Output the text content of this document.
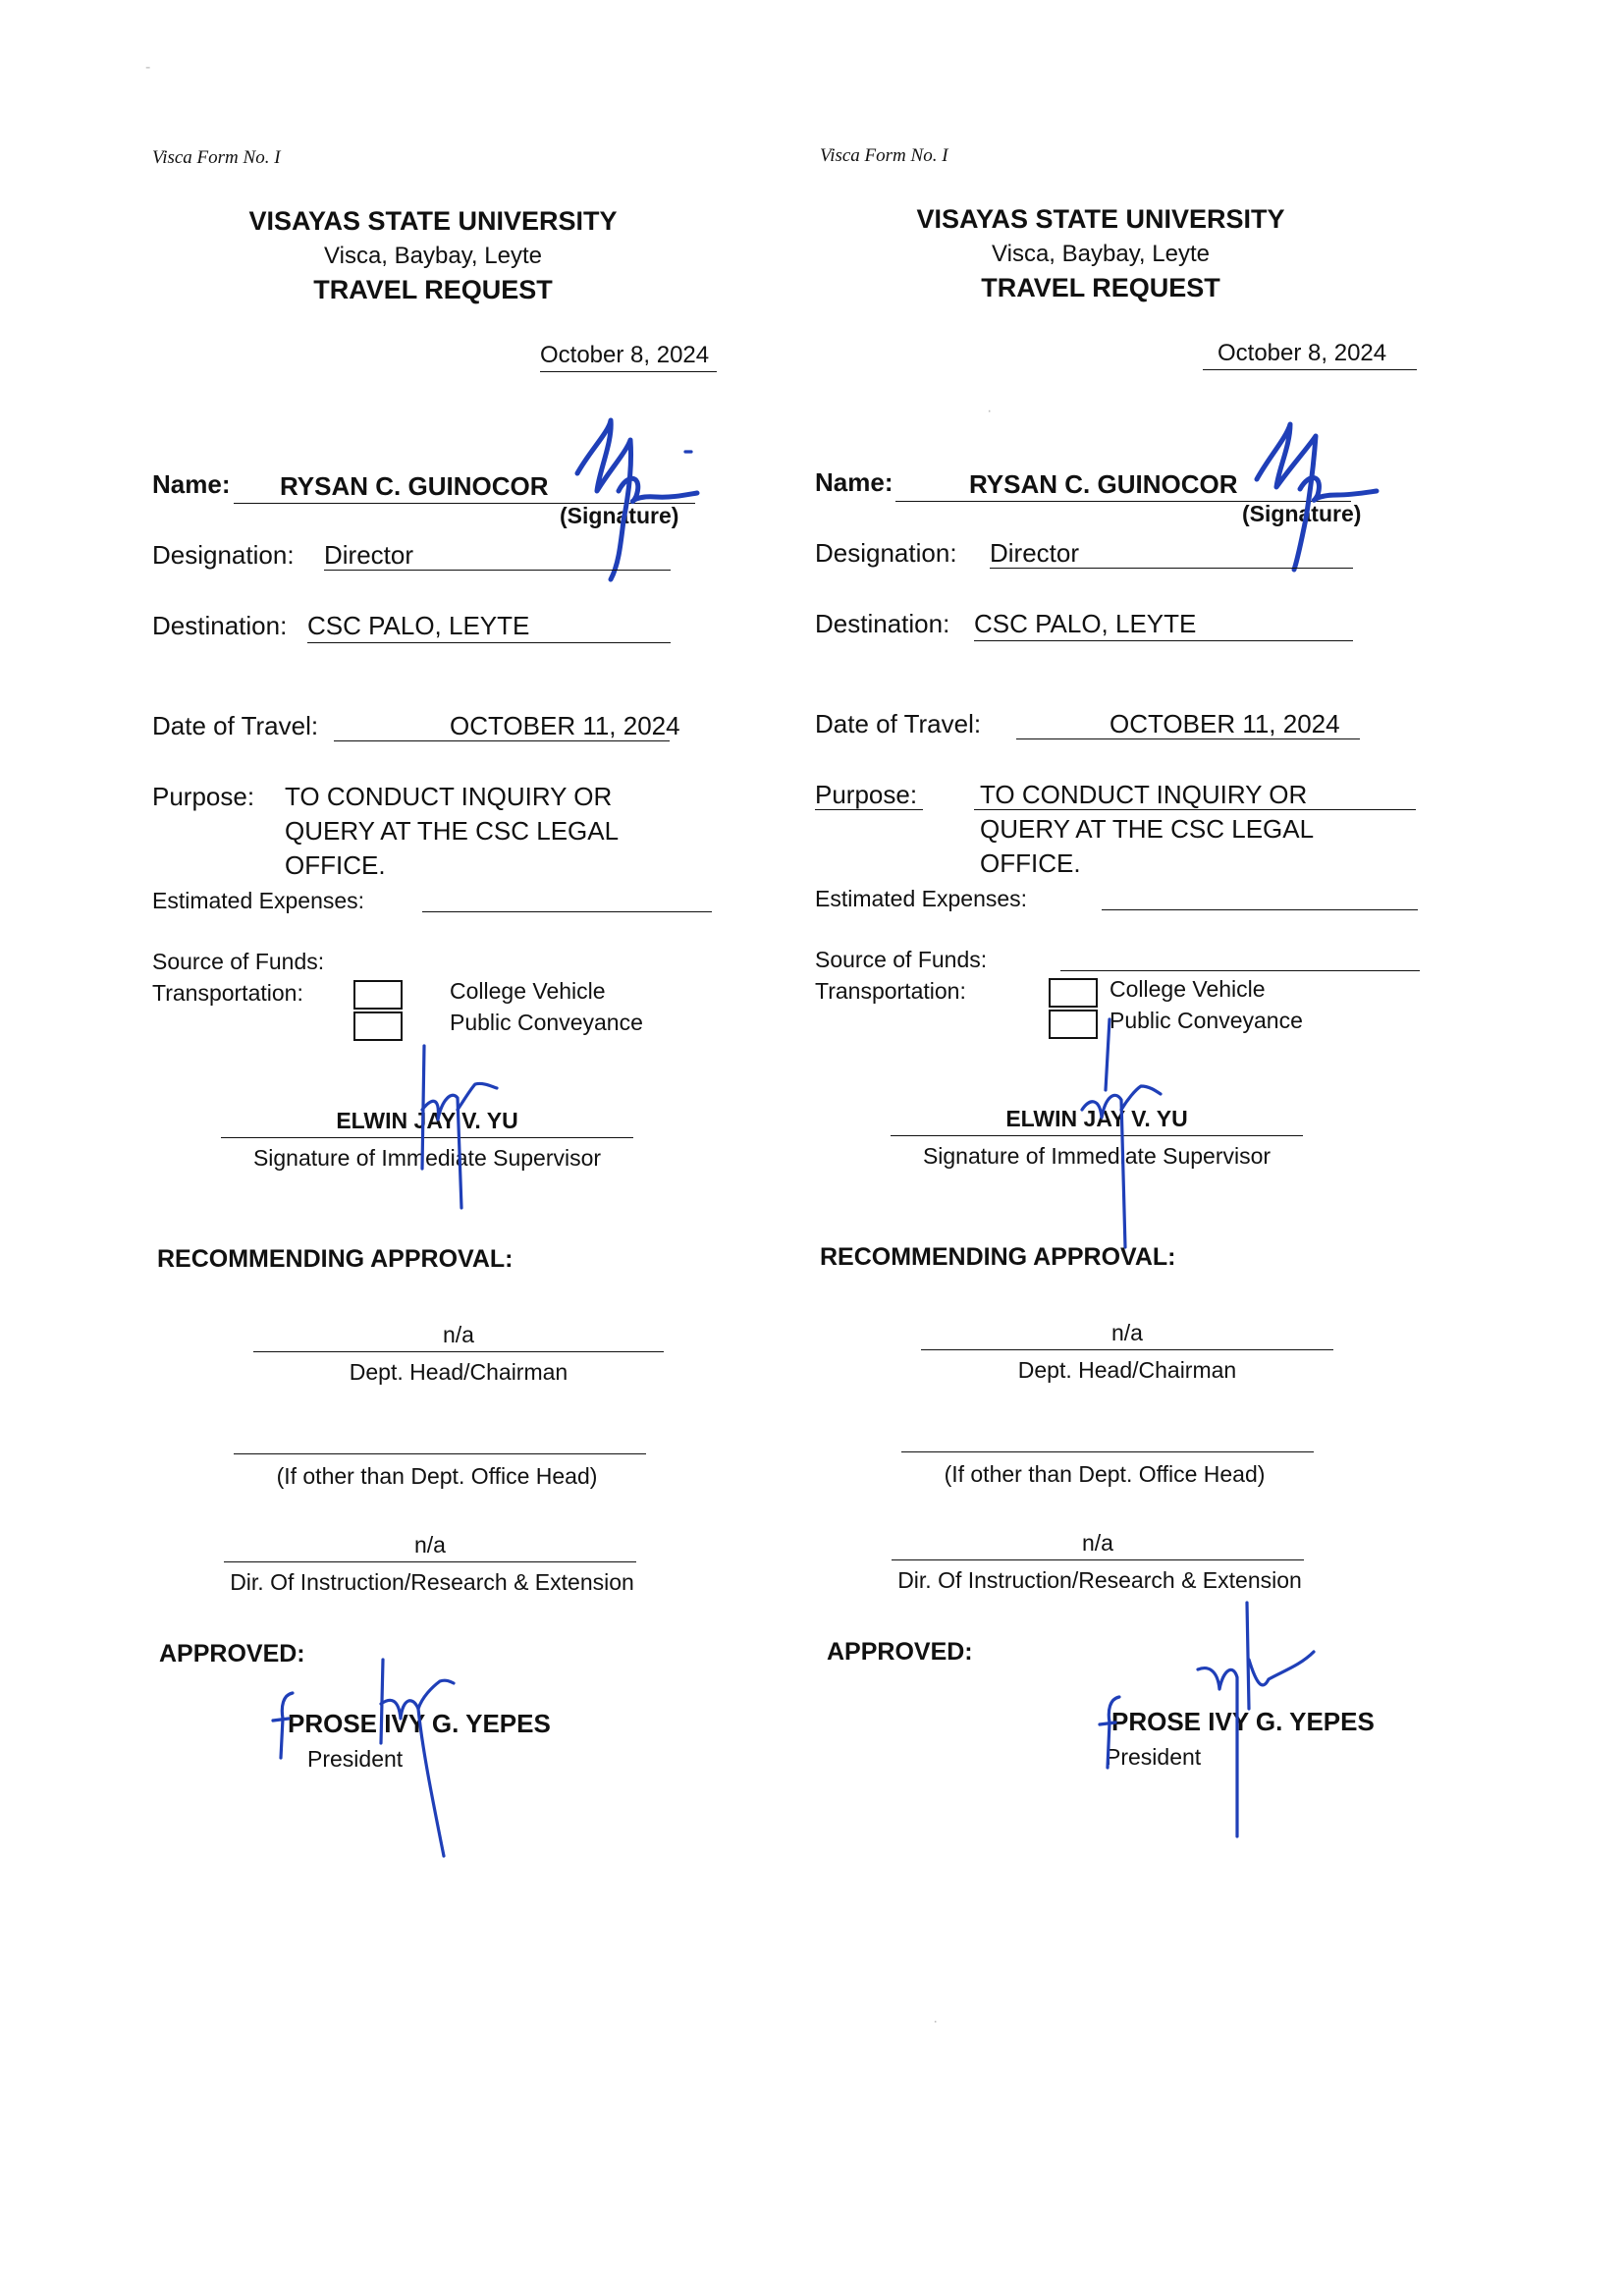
Visca Form No. I
VISAYAS STATE UNIVERSITY
Visca, Baybay, Leyte
TRAVEL REQUEST
October 8, 2024
Name: RYSAN C. GUINOCOR
(Signature)
Designation: Director
Destination: CSC PALO, LEYTE
Date of Travel:	OCTOBER 11, 2024
Purpose: TO CONDUCT INQUIRY OR
QUERY AT THE CSC LEGAL
OFFICE.
Estimated Expenses:
Source of Funds:
Transportation:	College Vehicle
Public Conveyance
ELWIN JAY V. YU
Signature of Immediate Supervisor
RECOMMENDING APPROVAL:
n/a
Dept. Head/Chairman
(If other than Dept. Office Head)
n/a
Dir. Of Instruction/Research & Extension
APPROVED:
PROSE IVY G. YEPES
President
Visca Form No. I
VISAYAS STATE UNIVERSITY
Visca, Baybay, Leyte
TRAVEL REQUEST
October 8, 2024
Name:	RYSAN C. GUINOCOR
(Signature)
Designation: Director
Destination: CSC PALO, LEYTE
Date of Travel:	OCTOBER 11, 2024
Purpose: TO CONDUCT INQUIRY OR
QUERY AT THE CSC LEGAL
OFFICE.
Estimated Expenses:
Source of Funds:
Transportation:	College Vehicle
Public Conveyance
ELWIN JAY V. YU
Signature of Immediate Supervisor
RECOMMENDING APPROVAL:
n/a
Dept. Head/Chairman
(If other than Dept. Office Head)
n/a
Dir. Of Instruction/Research & Extension
APPROVED:
PROSE IVY G. YEPES
President
-
·
·
